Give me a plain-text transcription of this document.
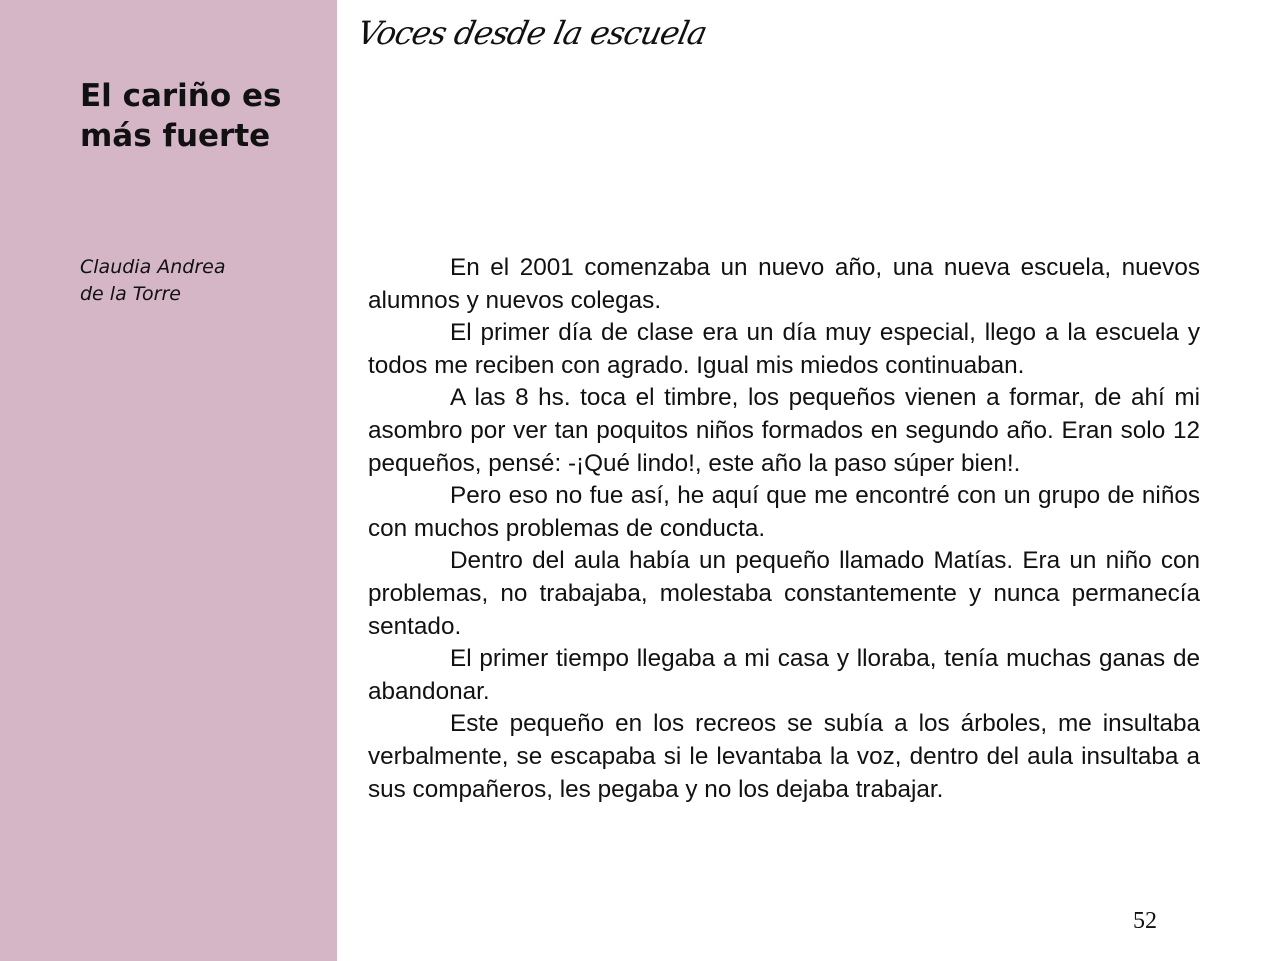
El cariño es más fuerte
Claudia Andrea
de la Torre
Voces desde la escuela

En el 2001 comenzaba un nuevo año, una nueva escuela, nuevos alumnos y nuevos colegas.

El primer día de clase era un día muy especial, llego a la escuela y todos me reciben con agrado. Igual mis miedos continuaban.

A las 8 hs. toca el timbre, los pequeños vienen a formar, de ahí mi asombro por ver tan poquitos niños formados en segundo año. Eran solo 12 pequeños, pensé: -¡Qué lindo!, este año la paso súper bien!.

Pero eso no fue así, he aquí que me encontré con un grupo de niños con muchos problemas de conducta.

Dentro del aula había un pequeño llamado Matías. Era un niño con problemas, no trabajaba, molestaba constantemente y nunca permanecía sentado.

El primer tiempo llegaba a mi casa y lloraba, tenía muchas ganas de abandonar.

Este pequeño en los recreos se subía a los árboles, me insultaba verbalmente, se escapaba si le levantaba la voz, dentro del aula insultaba a sus compañeros, les pegaba y no los dejaba trabajar.

52
